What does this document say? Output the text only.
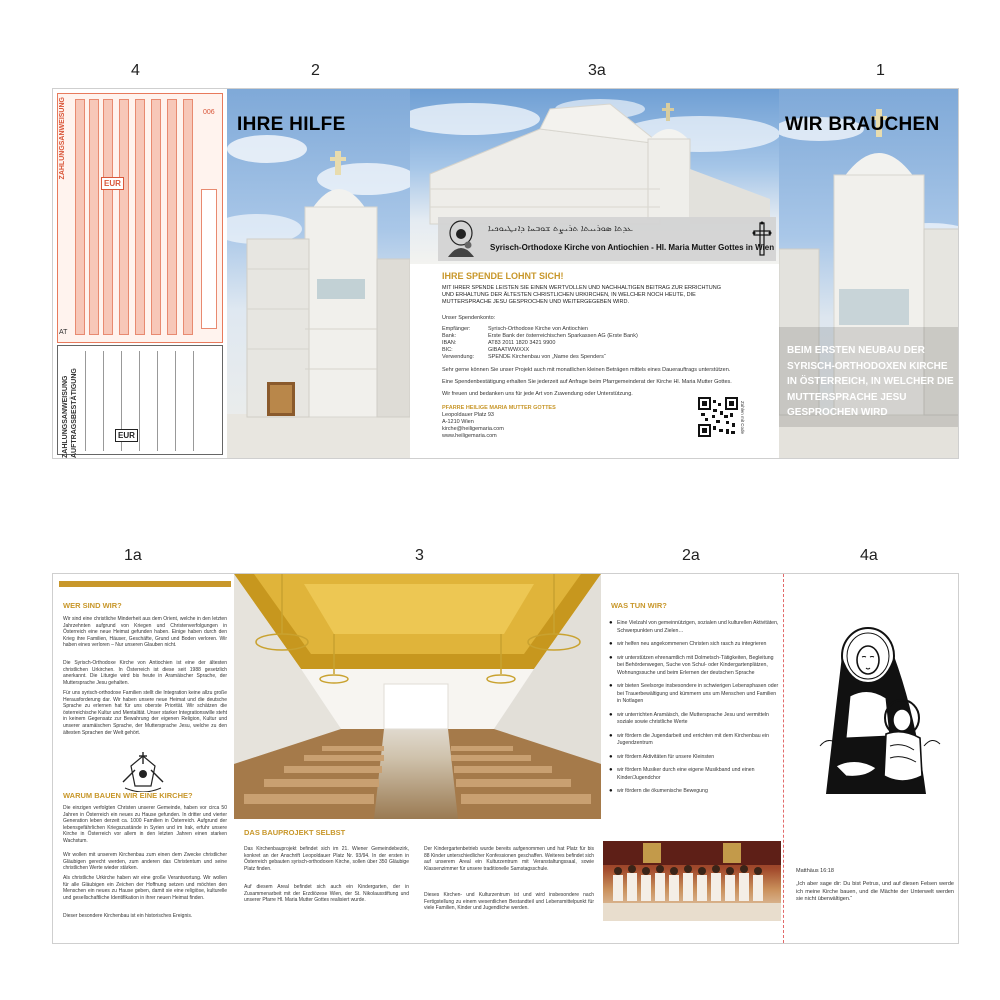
4	2	3a	1
1a	3	2a	4a
ZAHLUNGSANWEISUNG
EUR
006
AT
ZAHLUNGSANWEISUNG AUFTRAGSBESTÄTIGUNG	EUR
IHRE HILFE
ܥܕܬܐ ܣܘܪܝܝܬܐ ܬܪܝܨܬ ܫܘܒܚܐ ܕܐܢܛܝܘܟܝܐ
Syrisch-Orthodoxe Kirche von Antiochien - Hl. Maria Mutter Gottes in Wien
IHRE SPENDE LOHNT SICH!
MIT IHRER SPENDE LEISTEN SIE EINEN WERTVOLLEN UND NACHHALTIGEN BEITRAG ZUR ERRICHTUNG UND ERHALTUNG DER ÄLTESTEN CHRISTLICHEN URKIRCHEN, IN WELCHER NOCH HEUTE, DIE MUTTERSPRACHE JESU GESPROCHEN UND WEITERGEGEBEN WIRD.
Unser Spendenkonto:
Empfänger:	Syrisch-Orthodoxe Kirche von Antiochien
Bank:	Erste Bank der österreichischen Sparkassen AG (Erste Bank)
IBAN:	AT83 2011 1820 3421 9900
BIC:	GIBAATWWXXX
Verwendung:	SPENDE Kirchenbau von „Name des Spenders“
Sehr gerne können Sie unser Projekt auch mit monatlichen kleinen Beträgen mittels eines Dauerauftrags unterstützen.
Eine Spendenbestätigung erhalten Sie jederzeit auf Anfrage beim Pfarrgemeinderat der Kirche Hl. Maria Mutter Gottes.
Wir freuen und bedanken uns für jede Art von Zuwendung oder Unterstützung.
PFARRE HEILIGE MARIA MUTTER GOTTES
Leopoldauer Platz 93
A-1210 Wien
kirche@heiligemaria.com
www.heiligemaria.com
Zahlen mit Code
WIR BRAUCHEN
BEIM ERSTEN NEUBAU DER SYRISCH-ORTHODOXEN KIRCHE IN ÖSTERREICH, IN WELCHER DIE MUTTERSPRACHE JESU GESPROCHEN WIRD
WER SIND WIR?
Wir sind eine christliche Minderheit aus dem Orient, welche in den letzten Jahrzehnten aufgrund von Kriegen und Christenverfolgungen in Österreich eine neue Heimat gefunden haben. Einige haben durch den Krieg ihre Familien, Häuser, Geschäfte, Grund und Boden verloren. Wir haben eines verloren – Nur unseren Glauben nicht.
Die Syrisch-Orthodoxe Kirche von Antiochien ist eine der ältesten christlichen Urkirchen. In Österreich ist diese seit 1988 gesetzlich anerkannt. Die Liturgie wird bis heute in Aramäischer Sprache, der Muttersprache Jesu gehalten.
Für uns syrisch-orthodoxe Familien stellt die Integration keine allzu große Herausforderung dar. Wir haben unsere neue Heimat und die deutsche Sprache zu erlernen hat für uns oberste Priorität. Wir schätzen die österreichische Kultur und Mentalität. Unser starker Integrationswille steht in keinem Gegensatz zur Bewahrung der eigenen Religion, Kultur und unserer aramäischen Sprache, der Muttersprache Jesu, welche zu den ältesten Sprachen der Welt gehört.
WARUM BAUEN WIR EINE KIRCHE?
Die einzigen verfolgten Christen unserer Gemeinde, haben vor circa 50 Jahren in Österreich ein neues zu Hause gefunden. In dritter und vierter Generation leben derzeit ca. 1000 Familien in Österreich. Aufgrund der lebensgefährlichen Kriegszustände in Syrien und im Irak, erfuhr unsere Kirche in Österreich vor allem in den letzten Jahren einen starken Wachstum.
Wir wollen mit unserem Kirchenbau zum einen dem Zwecke christlicher Gläubigen gerecht werden, zum anderen das Christentum und seine christlichen Werte wieder stärken.
Als christliche Urkirche haben wir eine große Verantwortung. Wir wollen für alle Gläubigen ein Zeichen der Hoffnung setzen und möchten den Menschen ein neues zu Hause geben, damit sie eine religiöse, kulturelle und gesellschaftliche Identifikation in ihrer neuen Heimat finden.
Dieser besondere Kirchenbau ist ein historisches Ereignis.
DAS BAUPROJEKT SELBST
Das Kirchenbauprojekt befindet sich im 21. Wiener Gemeindebezirk, konkret an der Anschrift Leopoldauer Platz Nr. 93/94. In der ersten in Österreich gebauten syrisch-orthodoxen Kirche, sollen über 350 Gläubige Platz finden.
Auf diesem Areal befindet sich auch ein Kindergarten, der in Zusammenarbeit mit der Erzdiözese Wien, der St. Nikolausstiftung und unserer Pfarre Hl. Maria Mutter Gottes realisiert wurde.
Der Kindergartenbetrieb wurde bereits aufgenommen und hat Platz für bis 88 Kinder unterschiedlicher Konfessionen geschaffen. Weiteres befindet sich auf unserem Areal ein Kulturzentrum mit Veranstaltungssaal, sowie Klassenzimmer für unsere traditionelle Samstagsschule.
Dieses Kirchen- und Kulturzentrum ist und wird insbesondere nach Fertigstellung zu einem wesentlichen Bestandteil und Lebensmittelpunkt für viele Familien, Kinder und Jugendliche werden.
WAS TUN WIR?
● Eine Vielzahl von gemeinnützigen, sozialen und kulturellen Aktivitäten, Schwerpunkten und Zielen…
● wir helfen neu angekommenen Christen sich rasch zu integrieren
● wir unterstützen ehrenamtlich mit Dolmetsch-Tätigkeiten, Begleitung bei Behördenwegen, Suche von Schul- oder Kindergartenplätzen, Wohnungssuche und beim Erlernen der deutschen Sprache
● wir bieten Seelsorge insbesondere in schwierigen Lebensphasen oder bei Trauerbewältigung und kümmern uns um Menschen und Familien in Notlagen
● wir unterrichten Aramäisch, die Muttersprache Jesu und vermitteln soziale sowie christliche Werte
● wir fördern die Jugendarbeit und errichten mit dem Kirchenbau ein Jugendzentrum
● wir fördern Aktivitäten für unsere Kleinsten
● wir fördern Musiker durch eine eigene Musikband und einen Kinder/Jugendchor
● wir fördern die ökumenische Bewegung
Matthäus 16:18
„Ich aber sage dir: Du bist Petrus, und auf diesen Felsen werde ich meine Kirche bauen, und die Mächte der Unterwelt werden sie nicht überwältigen.“
